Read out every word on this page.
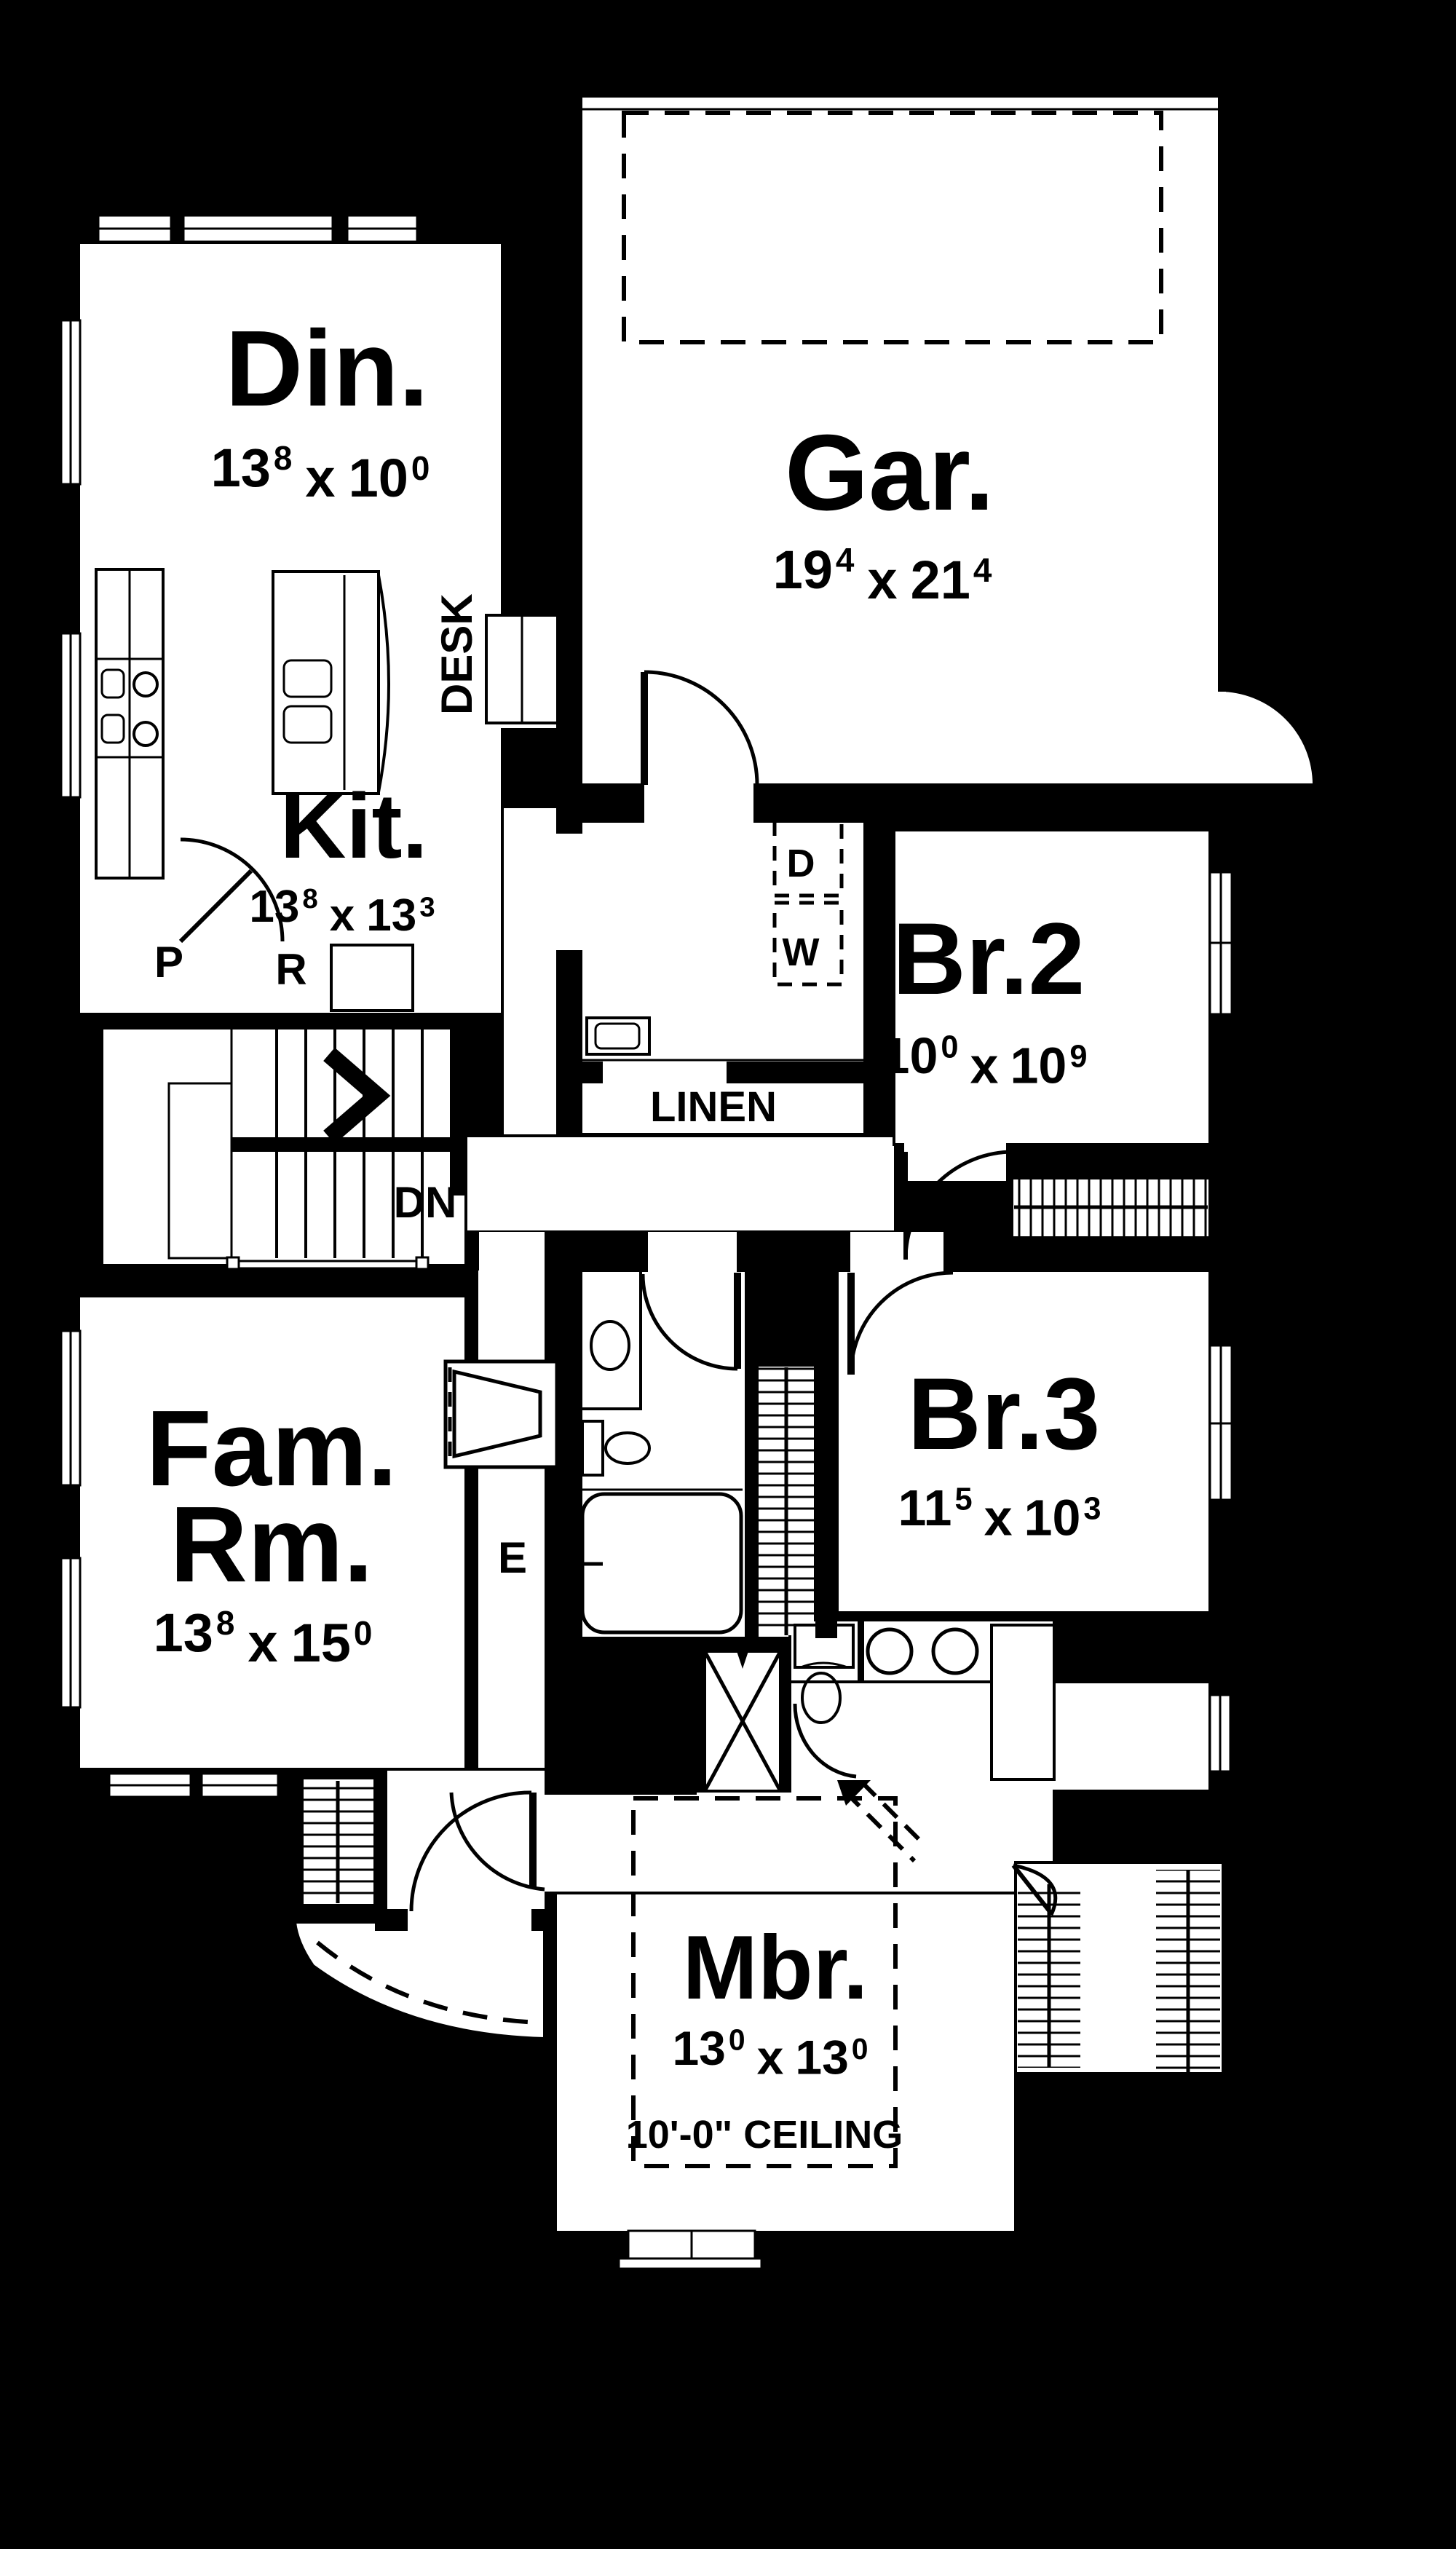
Din.
$13^8$ x $10^0$	Gar.
$19^4$ x $21^4$
DESK
Kit.
13 $^8$ x 13 $^3$
P R
D
W Br.2
$10^0$ x $10^9$
LINEN
DN
Fam.
Rm.
$13^8$ x $15^0$
E
Br.3
$11^5$ x $10^3$
Mbr.
$13^0$ x $13^0$
10'-0" CEILING
